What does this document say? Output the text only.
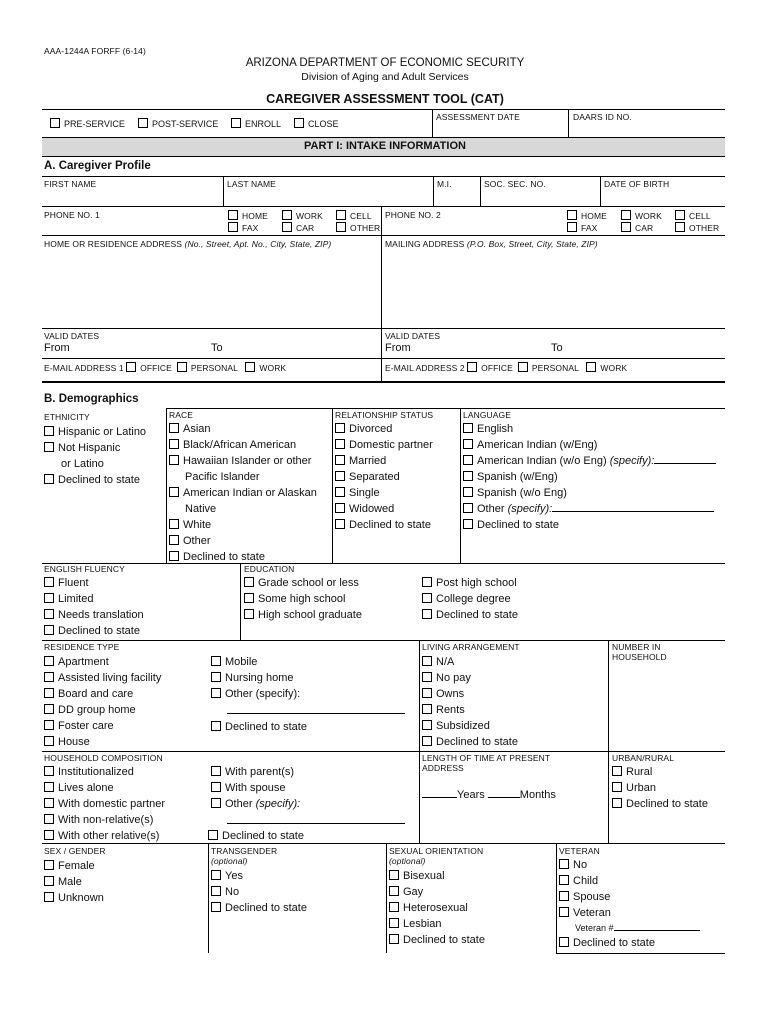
AAA-1244A FORFF (6-14)
ARIZONA DEPARTMENT OF ECONOMIC SECURITY
Division of Aging and Adult Services
CAREGIVER ASSESSMENT TOOL (CAT)
PRE-SERVICE	POST-SERVICE	ENROLL	CLOSE
ASSESSMENT DATE	DAARS ID NO.
PART I: INTAKE INFORMATION
A. Caregiver Profile
FIRST NAME	LAST NAME	M.I.	SOC. SEC. NO.	DATE OF BIRTH
PHONE NO. 1	HOME	WORK	CELL
FAX	CAR	OTHER
PHONE NO. 2	HOME	WORK	CELL
FAX	CAR	OTHER
HOME OR RESIDENCE ADDRESS (No., Street, Apt. No., City, State, ZIP)	MAILING ADDRESS (P.O. Box, Street, City, State, ZIP)
VALID DATES
From	To
VALID DATES
From	To
E-MAIL ADDRESS 1 OFFICE PERSONAL	WORK	E-MAIL ADDRESS 2 OFFICE PERSONAL	WORK
B. Demographics
ETHNICITY
Hispanic or Latino
Not Hispanic
or Latino
Declined to state
RACE
Asian
Black/African American
Hawaiian Islander or other
Pacific Islander
American Indian or Alaskan
Native
White
Other
Declined to state
RELATIONSHIP STATUS
Divorced
Domestic partner
Married
Separated
Single
Widowed
Declined to state
LANGUAGE
English
American Indian (w/Eng)
American Indian (w/o Eng) (specify):
Spanish (w/Eng)
Spanish (w/o Eng)
Other (specify):
Declined to state
ENGLISH FLUENCY
Fluent
Limited
Needs translation
Declined to state
EDUCATION
Grade school or less
Some high school
High school graduate
Post high school
College degree
Declined to state
RESIDENCE TYPE
Apartment
Assisted living facility
Board and care
DD group home
Foster care
House
Mobile
Nursing home
Other (specify):
Declined to state
LIVING ARRANGEMENT
N/A
No pay
Owns
Rents
Subsidized
Declined to state
NUMBER IN
HOUSEHOLD
HOUSEHOLD COMPOSITION
Institutionalized
Lives alone
With domestic partner
With non-relative(s)
With other relative(s)
With parent(s)
With spouse
Other (specify):
Declined to state
LENGTH OF TIME AT PRESENT
ADDRESS
Years	Months
URBAN/RURAL
Rural
Urban
Declined to state
SEX / GENDER
Female
Male
Unknown
TRANSGENDER
(optional)
Yes
No
Declined to state
SEXUAL ORIENTATION
(optional)
Bisexual
Gay
Heterosexual
Lesbian
Declined to state
VETERAN
No
Child
Spouse
Veteran
Veteran #
Declined to state
